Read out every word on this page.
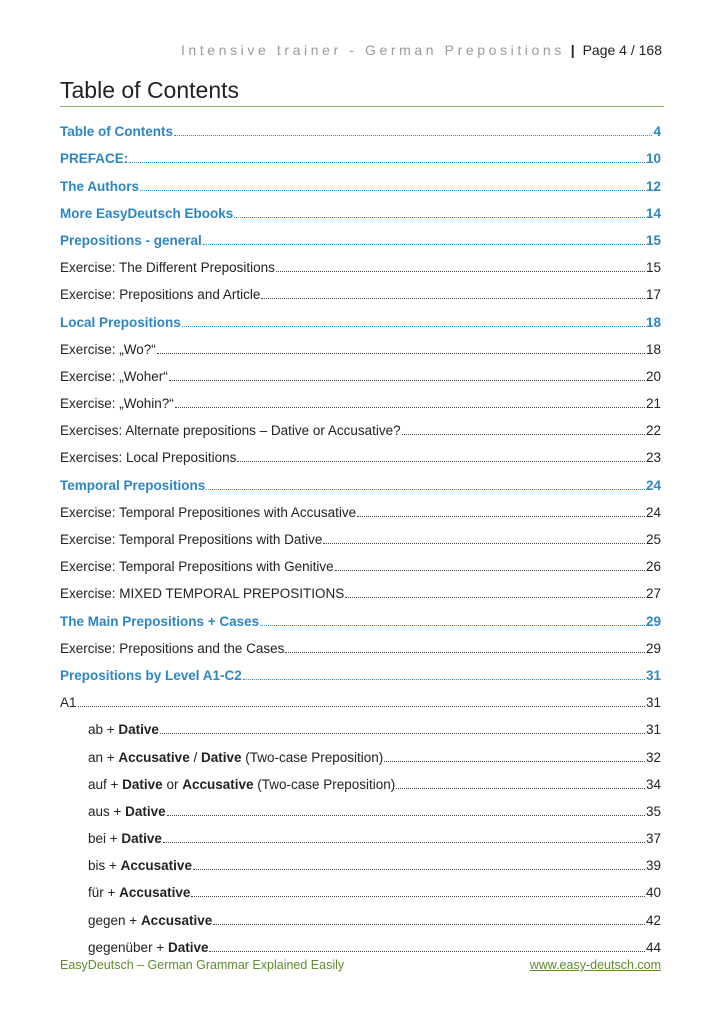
Intensive trainer - German Prepositions | Page 4 / 168
Table of Contents
Table of Contents	4
PREFACE:	10
The Authors	12
More EasyDeutsch Ebooks	14
Prepositions - general	15
Exercise: The Different Prepositions	15
Exercise: Prepositions and Article	17
Local Prepositions	18
Exercise: „Wo?“	18
Exercise: „Woher“	20
Exercise: „Wohin?“	21
Exercises: Alternate prepositions – Dative or Accusative?	22
Exercises: Local Prepositions	23
Temporal Prepositions	24
Exercise: Temporal Prepositiones with Accusative	24
Exercise: Temporal Prepositions with Dative	25
Exercise: Temporal Prepositions with Genitive	26
Exercise: MIXED TEMPORAL PREPOSITIONS	27
The Main Prepositions + Cases	29
Exercise: Prepositions and the Cases	29
Prepositions by Level A1-C2	31
A1	31
ab + Dative	31
an + Accusative / Dative (Two-case Preposition)	32
auf + Dative or Accusative (Two-case Preposition)	34
aus + Dative	35
bei + Dative	37
bis + Accusative	39
für + Accusative	40
gegen + Accusative	42
gegenüber + Dative	44
EasyDeutsch – German Grammar Explained Easily	www.easy-deutsch.com
